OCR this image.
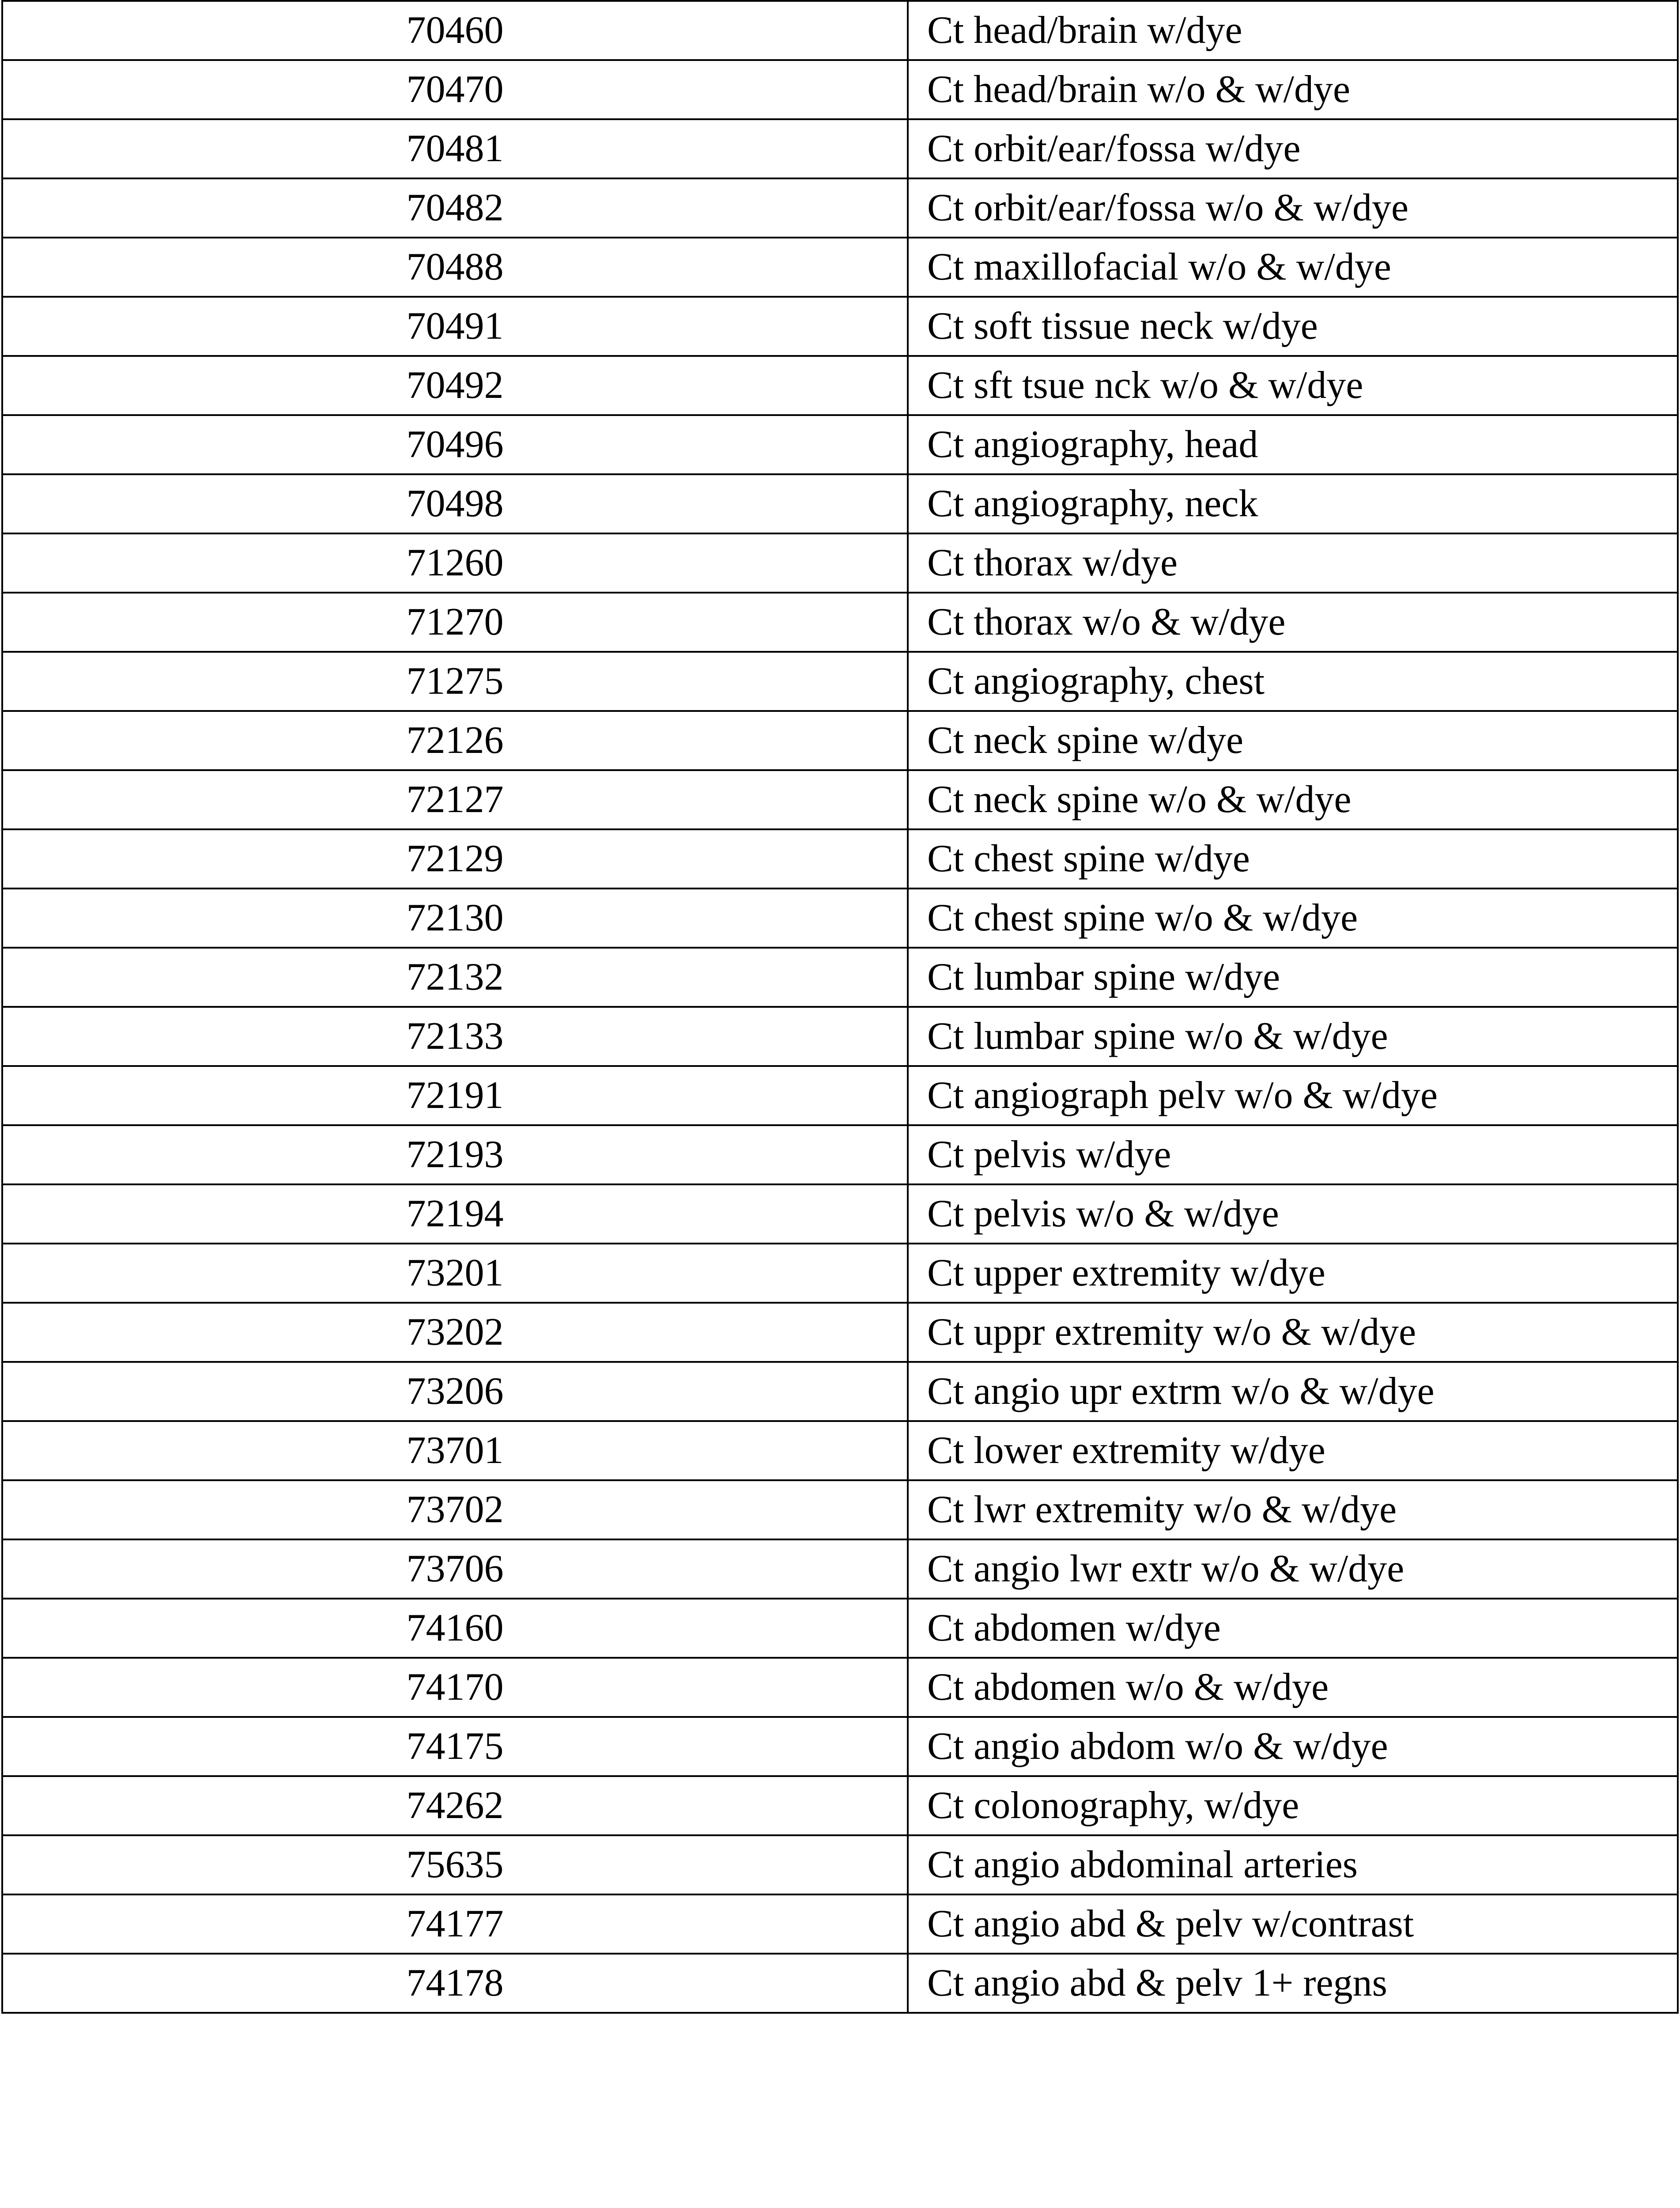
70460	Ct head/brain w/dye
70470	Ct head/brain w/o & w/dye
70481	Ct orbit/ear/fossa w/dye
70482	Ct orbit/ear/fossa w/o & w/dye
70488	Ct maxillofacial w/o & w/dye
70491	Ct soft tissue neck w/dye
70492	Ct sft tsue nck w/o & w/dye
70496	Ct angiography, head
70498	Ct angiography, neck
71260	Ct thorax w/dye
71270	Ct thorax w/o & w/dye
71275	Ct angiography, chest
72126	Ct neck spine w/dye
72127	Ct neck spine w/o & w/dye
72129	Ct chest spine w/dye
72130	Ct chest spine w/o & w/dye
72132	Ct lumbar spine w/dye
72133	Ct lumbar spine w/o & w/dye
72191	Ct angiograph pelv w/o & w/dye
72193	Ct pelvis w/dye
72194	Ct pelvis w/o & w/dye
73201	Ct upper extremity w/dye
73202	Ct uppr extremity w/o & w/dye
73206	Ct angio upr extrm w/o & w/dye
73701	Ct lower extremity w/dye
73702	Ct lwr extremity w/o & w/dye
73706	Ct angio lwr extr w/o & w/dye
74160	Ct abdomen w/dye
74170	Ct abdomen w/o & w/dye
74175	Ct angio abdom w/o & w/dye
74262	Ct colonography, w/dye
75635	Ct angio abdominal arteries
74177	Ct angio abd & pelv w/contrast
74178	Ct angio abd & pelv 1+ regns
